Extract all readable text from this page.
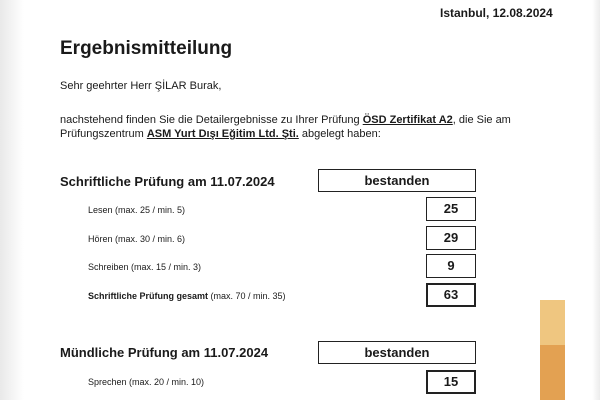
Istanbul, 12.08.2024
Ergebnismitteilung
Sehr geehrter Herr ŞİLAR Burak,
nachstehend finden Sie die Detailergebnisse zu Ihrer Prüfung ÖSD Zertifikat A2, die Sie am
Prüfungszentrum ASM Yurt Dışı Eğitim Ltd. Şti. abgelegt haben:
Schriftliche Prüfung am 11.07.2024	bestanden
Lesen (max. 25 / min. 5)	25
Hören (max. 30 / min. 6)	29
Schreiben (max. 15 / min. 3)	9
Schriftliche Prüfung gesamt (max. 70 / min. 35)	63
Mündliche Prüfung am 11.07.2024	bestanden
Sprechen (max. 20 / min. 10)	15
